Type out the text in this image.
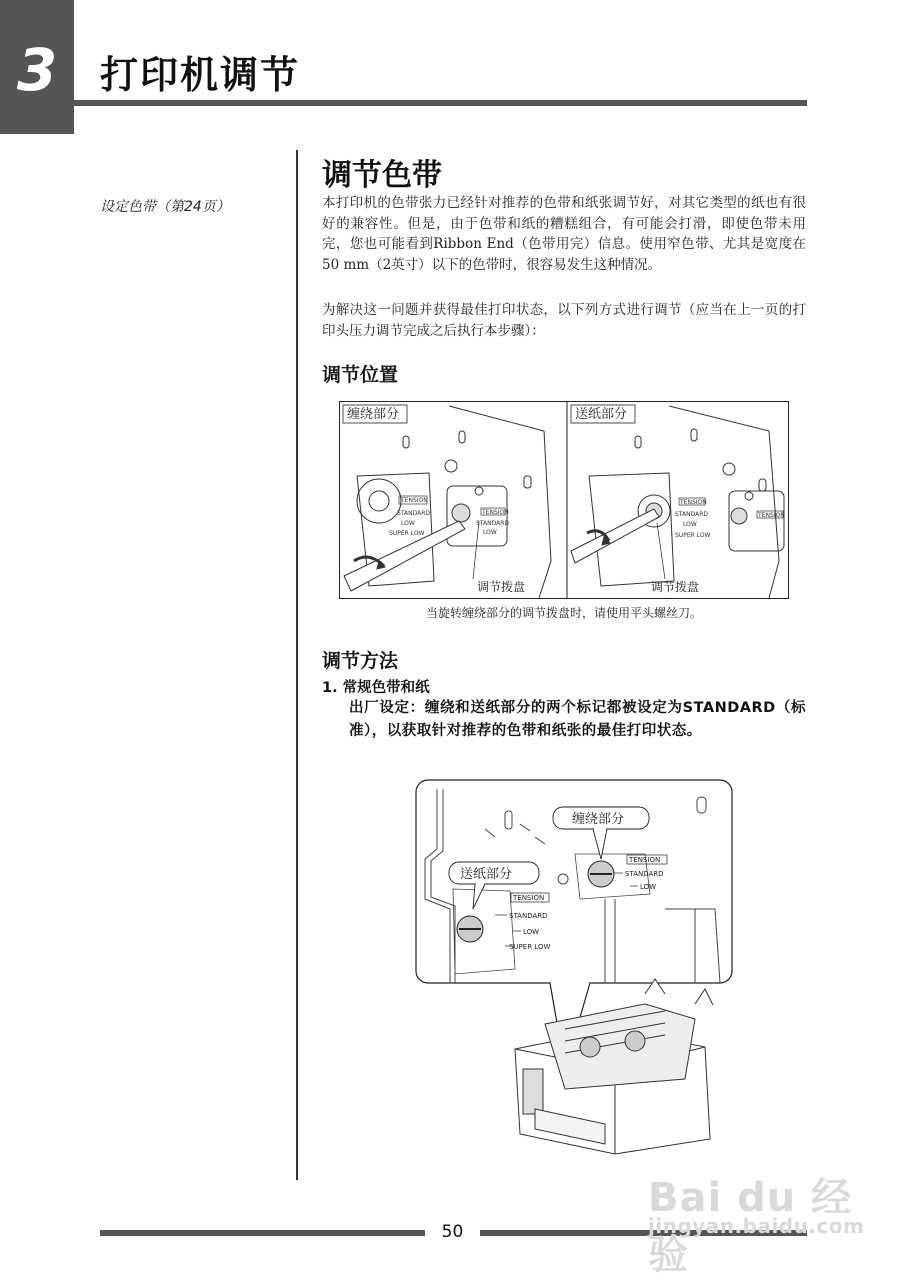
3	打印机调节
设定色带（第24页）
调节色带
本打印机的色带张力已经针对推荐的色带和纸张调节好，对其它类型的纸也有很好的兼容性。但是，由于色带和纸的糟糕组合，有可能会打滑，即使色带未用完，您也可能看到Ribbon End（色带用完）信息。使用窄色带、尤其是宽度在50 mm（2英寸）以下的色带时，很容易发生这种情况。
为解决这一问题并获得最佳打印状态，以下列方式进行调节（应当在上一页的打印头压力调节完成之后执行本步骤）：
调节位置
TENSION
STANDARD
LOW
SUPER LOW
TENSION
STANDARD
LOW
缠绕部分
调节拨盘
TENSION
STANDARD
LOW
SUPER LOW
TENSION
送纸部分
调节拨盘
当旋转缠绕部分的调节拨盘时，请使用平头螺丝刀。
调节方法
1. 常规色带和纸
出厂设定：缠绕和送纸部分的两个标记都被设定为STANDARD（标准），以获取针对推荐的色带和纸张的最佳打印状态。
TENSION
STANDARD
LOW
缠绕部分
TENSION
STANDARD
LOW
SUPER LOW
送纸部分
50
Bai du 经验
jingyan.baidu.com
